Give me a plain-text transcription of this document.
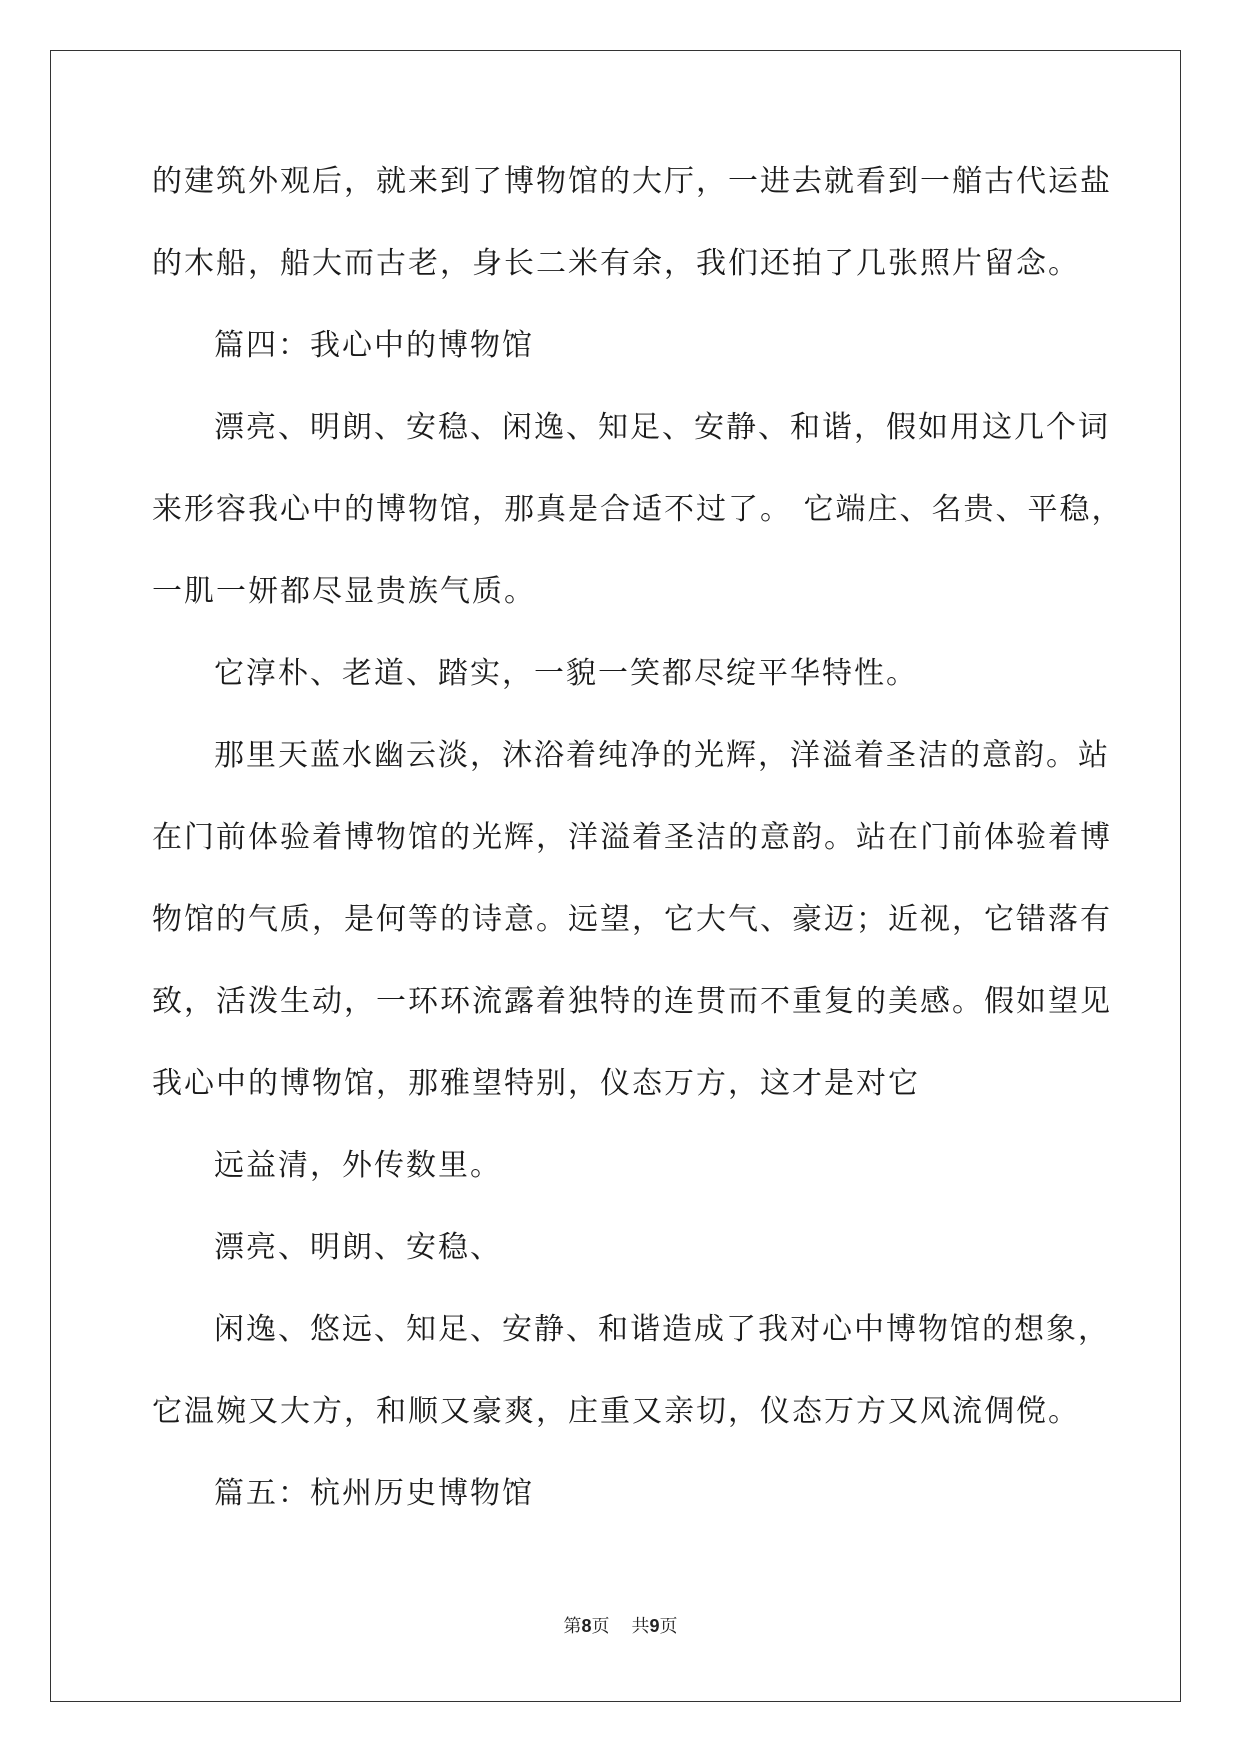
的建筑外观后，就来到了博物馆的大厅，一进去就看到一艏古代运盐
的木船，船大而古老，身长二米有余，我们还拍了几张照片留念。
篇四：我心中的博物馆
漂亮、明朗、安稳、闲逸、知足、安静、和谐，假如用这几个词
来形容我心中的博物馆，那真是合适不过了。 它端庄、名贵、平稳，
一肌一妍都尽显贵族气质。
它淳朴、老道、踏实，一貌一笑都尽绽平华特性。
那里天蓝水幽云淡，沐浴着纯净的光辉，洋溢着圣洁的意韵。站
在门前体验着博物馆的光辉，洋溢着圣洁的意韵。站在门前体验着博
物馆的气质，是何等的诗意。远望，它大气、豪迈；近视，它错落有
致，活泼生动，一环环流露着独特的连贯而不重复的美感。假如望见
我心中的博物馆，那雅望特别，仪态万方，这才是对它
远益清，外传数里。
漂亮、明朗、安稳、
闲逸、悠远、知足、安静、和谐造成了我对心中博物馆的想象，
它温婉又大方，和顺又豪爽，庄重又亲切，仪态万方又风流倜傥。
篇五：杭州历史博物馆
第8页 共9页
